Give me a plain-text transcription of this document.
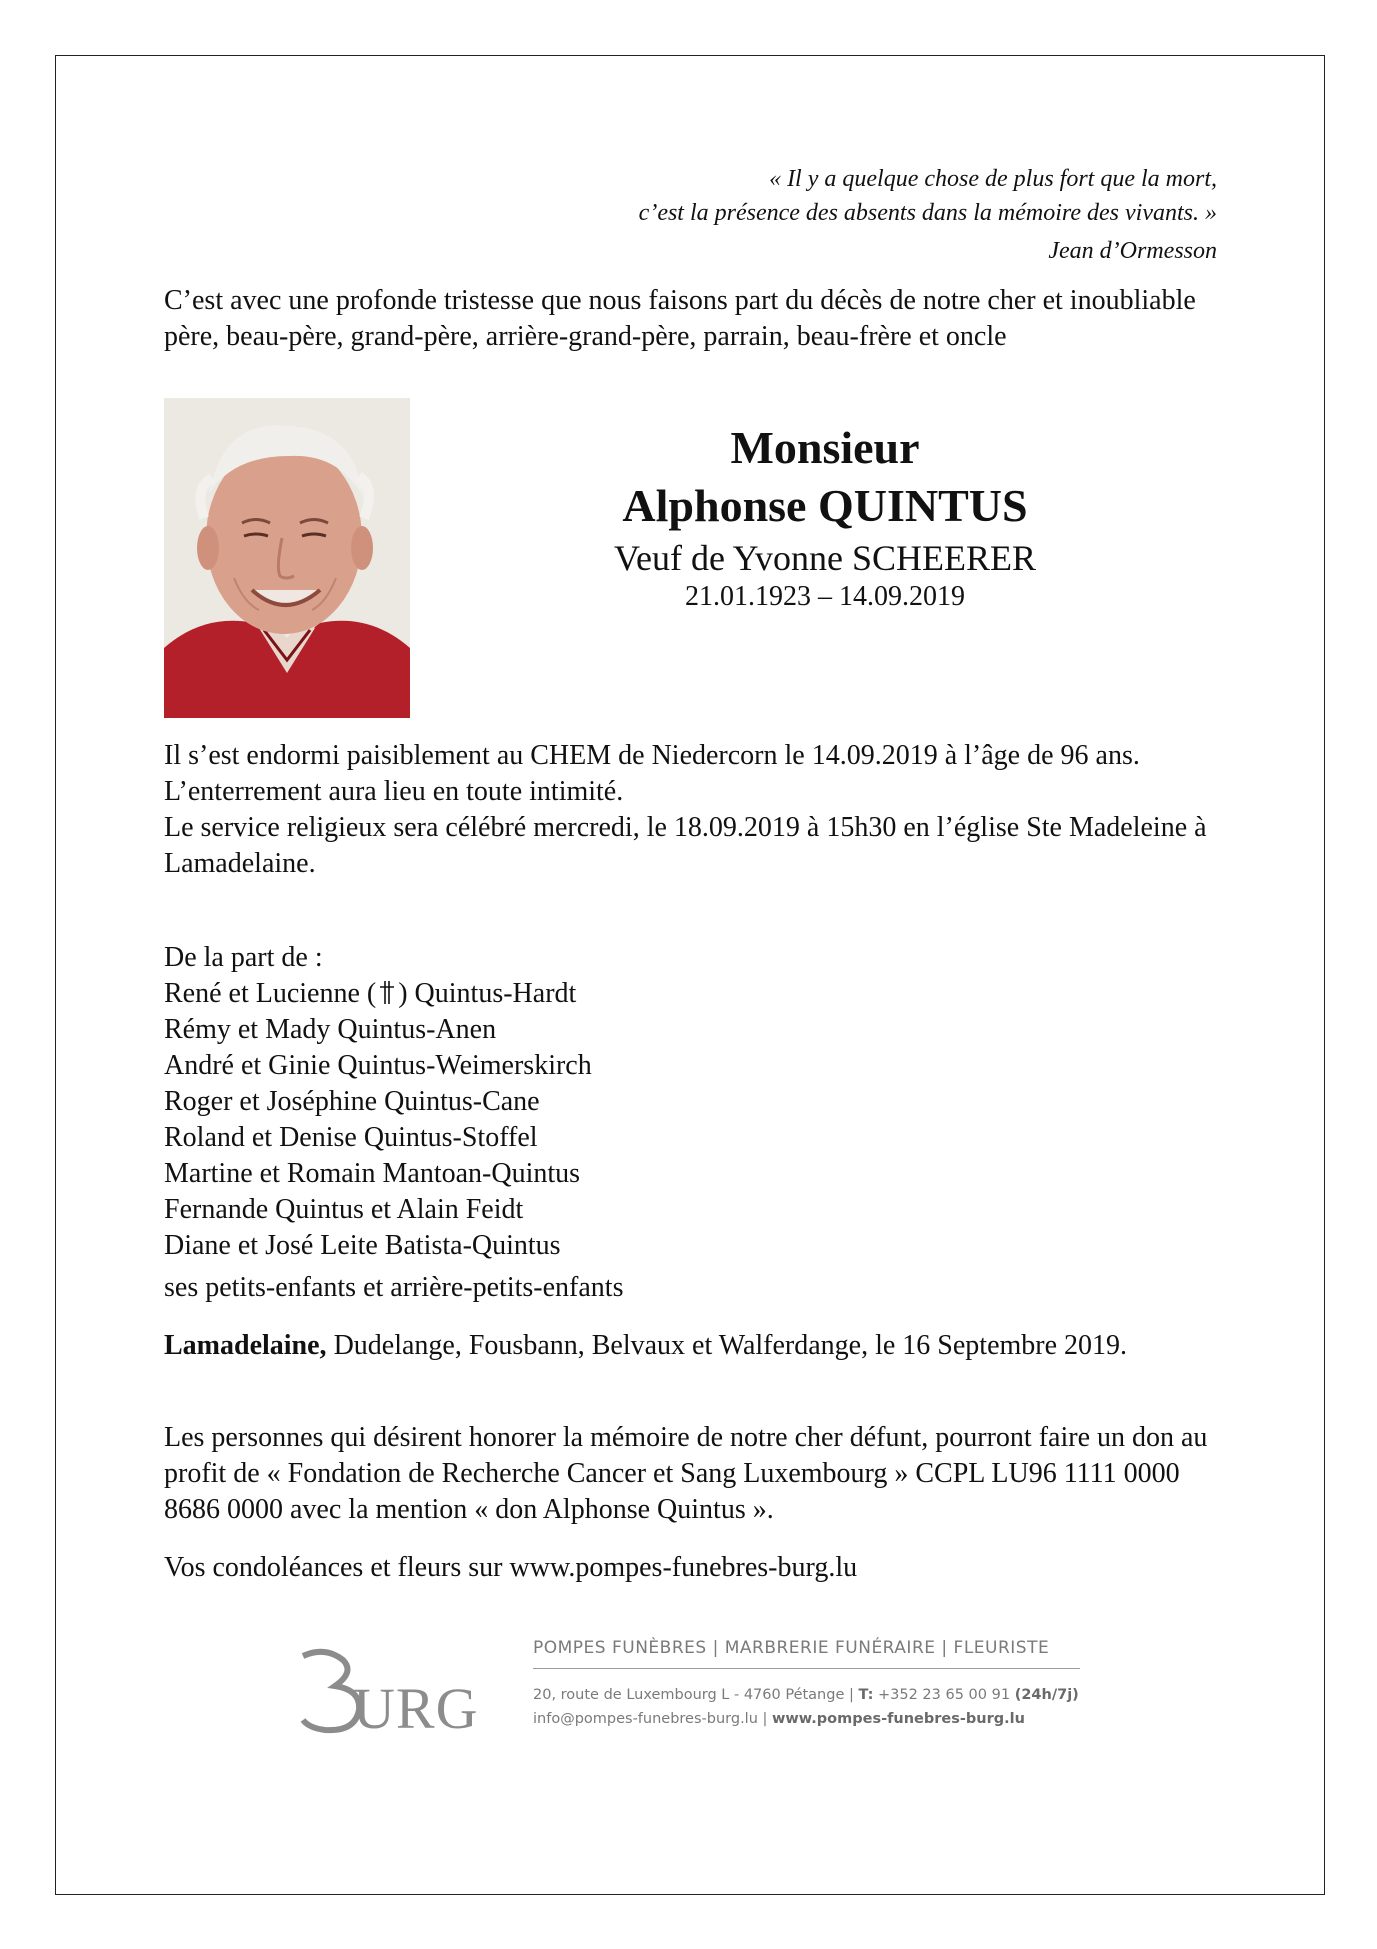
« Il y a quelque chose de plus fort que la mort,
c’est la présence des absents dans la mémoire des vivants. »
Jean d’Ormesson
C’est avec une profonde tristesse que nous faisons part du décès de notre cher et inoubliable père, beau-père, grand-père, arrière-grand-père, parrain, beau-frère et oncle
Monsieur
Alphonse QUINTUS
Veuf de Yvonne SCHEERER
21.01.1923 – 14.09.2019
Il s’est endormi paisiblement au CHEM de Niedercorn le 14.09.2019 à l’âge de 96 ans.
L’enterrement aura lieu en toute intimité.
Le service religieux sera célébré mercredi, le 18.09.2019 à 15h30 en l’église Ste Madeleine à Lamadelaine.

De la part de :

René et Lucienne ( ) Quintus-Hardt

Rémy et Mady Quintus-Anen

André et Ginie Quintus-Weimerskirch

Roger et Joséphine Quintus-Cane

Roland et Denise Quintus-Stoffel

Martine et Romain Mantoan-Quintus

Fernande Quintus et Alain Feidt

Diane et José Leite Batista-Quintus

ses petits-enfants et arrière-petits-enfants
Lamadelaine, Dudelange, Fousbann, Belvaux et Walferdange, le 16 Septembre 2019.
Les personnes qui désirent honorer la mémoire de notre cher défunt, pourront faire un don au profit de « Fondation de Recherche Cancer et Sang Luxembourg » CCPL LU96 1111 0000 8686 0000 avec la mention « don Alphonse Quintus ».
Vos condoléances et fleurs sur www.pompes-funebres-burg.lu
URG
POMPES FUNÈBRES | MARBRERIE FUNÉRAIRE | FLEURISTE
20, route de Luxembourg L - 4760 Pétange | T: +352 23 65 00 91 (24h/7j)
info@pompes-funebres-burg.lu | www.pompes-funebres-burg.lu
